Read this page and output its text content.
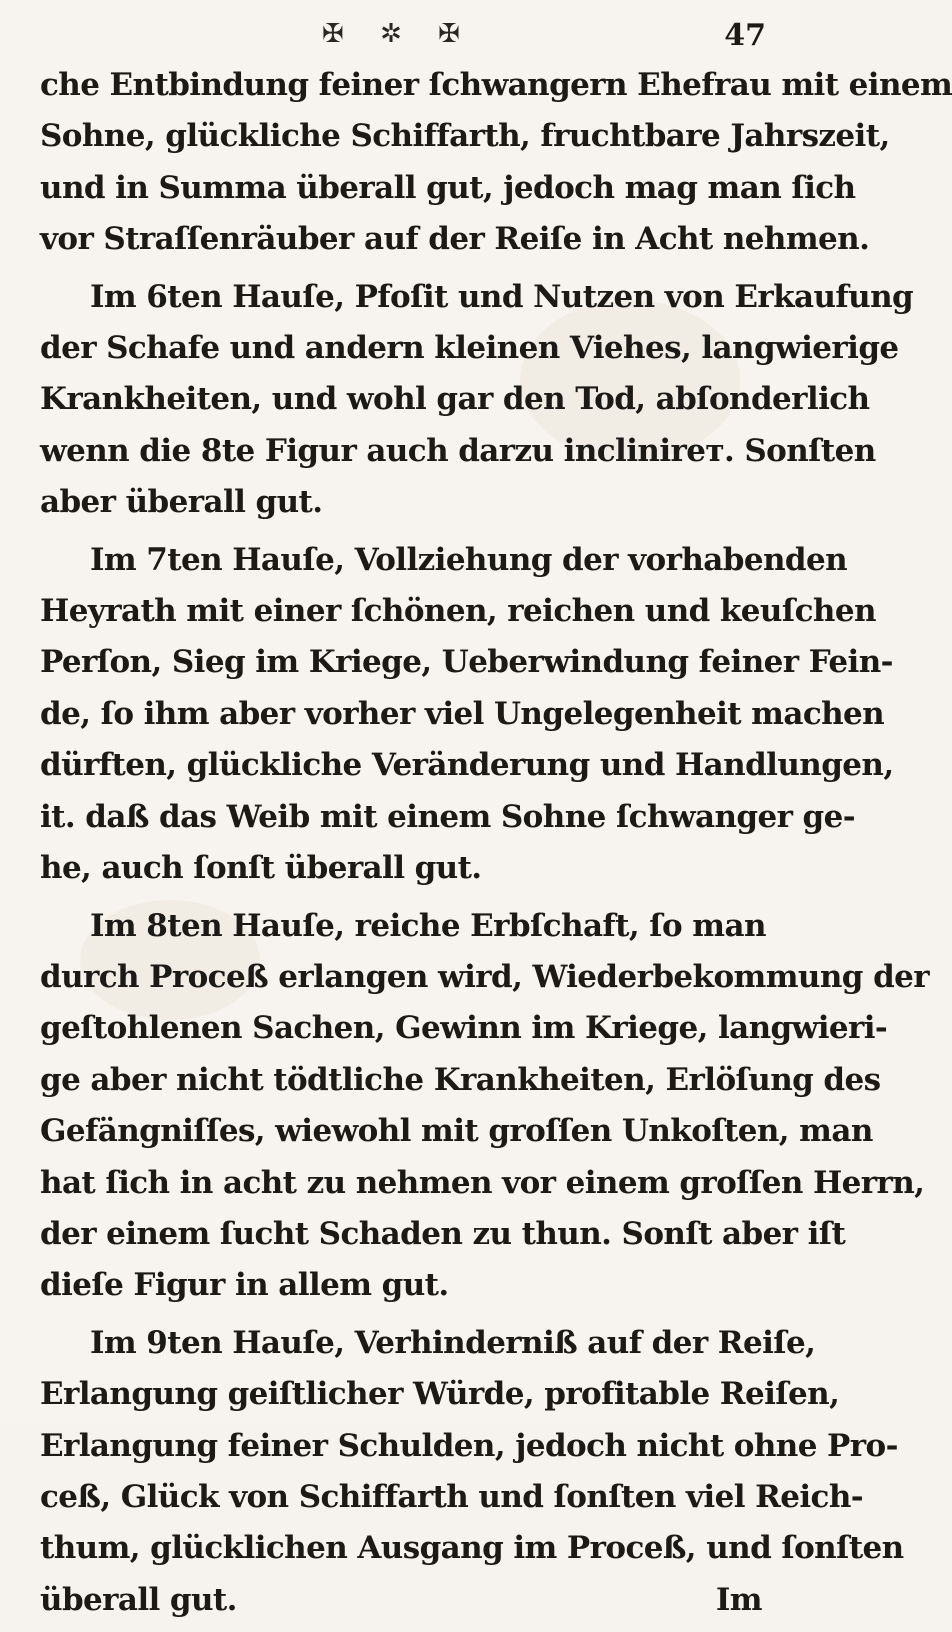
✠ ✲ ✠	47
che Entbindung feiner ſchwangern Ehefrau mit einem
Sohne, glückliche Schiffarth, fruchtbare Jahrszeit,
und in Summa überall gut, jedoch mag man ſich
vor Straſſenräuber auf der Reiſe in Acht nehmen.
Im 6ten Hauſe, Pfoſit und Nutzen von Erkaufung
der Schafe und andern kleinen Viehes, langwierige
Krankheiten, und wohl gar den Tod, abſonderlich
wenn die 8te Figur auch darzu inclinirет. Sonſten
aber überall gut.
Im 7ten Hauſe, Vollziehung der vorhabenden
Heyrath mit einer ſchönen, reichen und keuſchen
Perſon, Sieg im Kriege, Ueberwindung feiner Fein-
de, ſo ihm aber vorher viel Ungelegenheit machen
dürften, glückliche Veränderung und Handlungen,
it. daß das Weib mit einem Sohne ſchwanger ge-
he, auch ſonſt überall gut.
Im 8ten Hauſe, reiche Erbſchaft, ſo man
durch Proceß erlangen wird, Wiederbekommung der
geſtohlenen Sachen, Gewinn im Kriege, langwieri-
ge aber nicht tödtliche Krankheiten, Erlöſung des
Gefängniſſes, wiewohl mit groſſen Unkoſten, man
hat ſich in acht zu nehmen vor einem groſſen Herrn,
der einem ſucht Schaden zu thun. Sonſt aber iſt
dieſe Figur in allem gut.
Im 9ten Hauſe, Verhinderniß auf der Reiſe,
Erlangung geiſtlicher Würde, profitable Reiſen,
Erlangung feiner Schulden, jedoch nicht ohne Pro-
ceß, Glück von Schiffarth und ſonſten viel Reich-
thum, glücklichen Ausgang im Proceß, und ſonſten
überall gut.	Im
